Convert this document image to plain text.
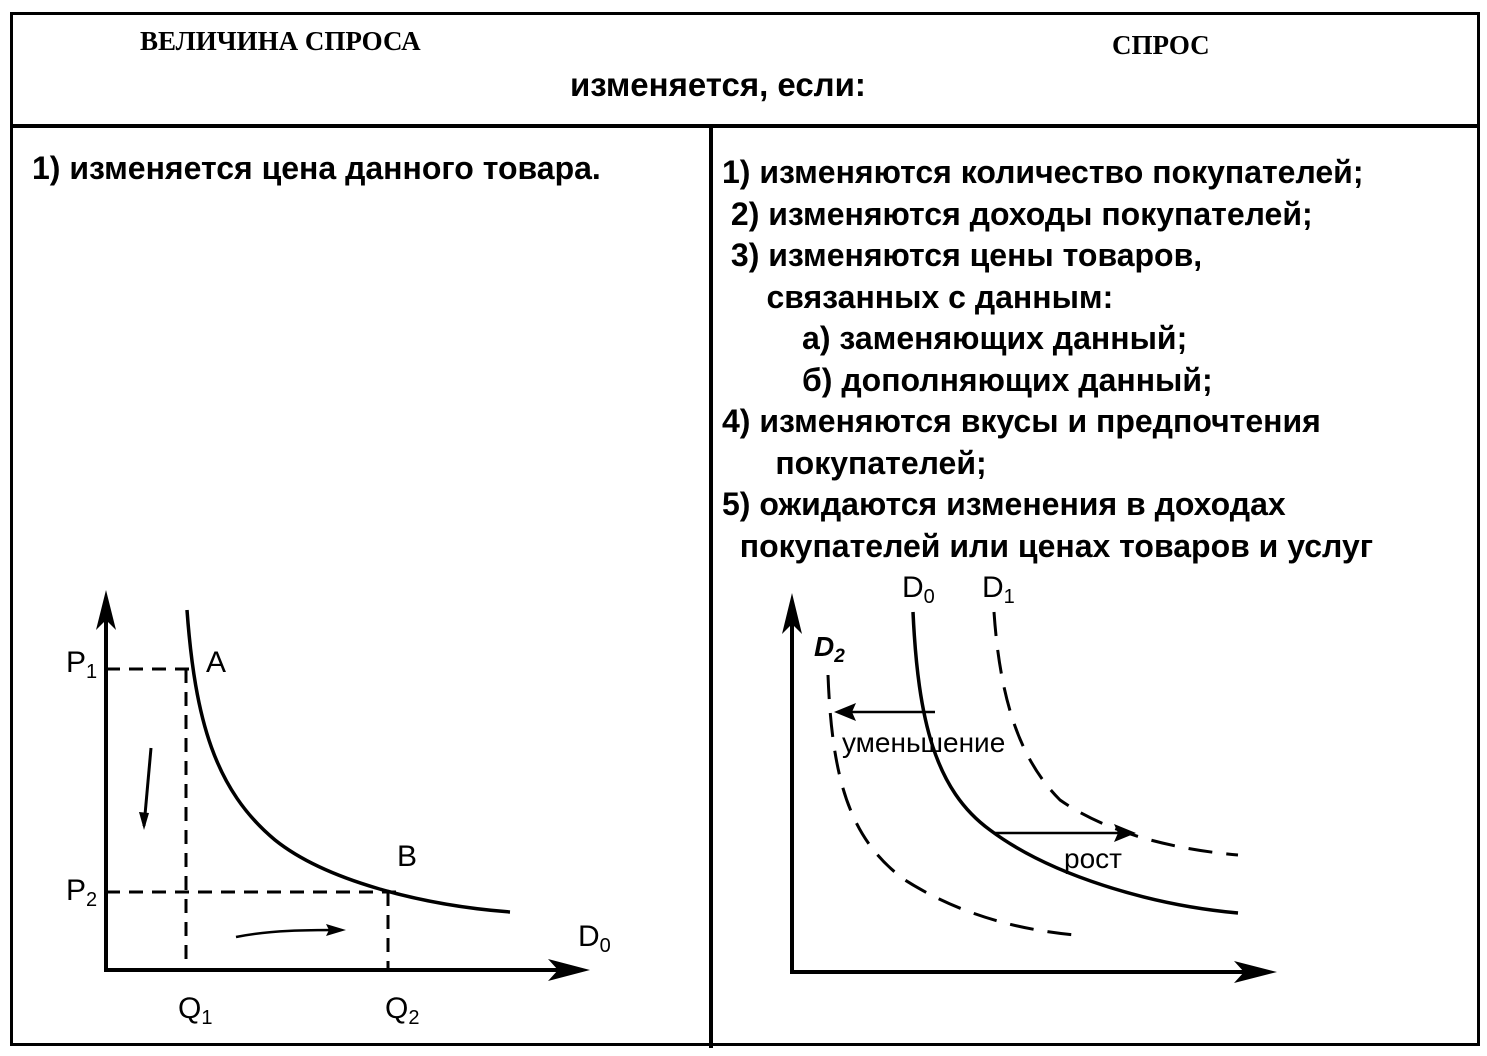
ВЕЛИЧИНА СПРОСА	СПРОС
изменяется, если:
1) изменяется цена данного товара.	1) изменяются количество покупателей;
2) изменяются доходы покупателей;
3) изменяются цены товаров,
связанных с данным:
а) заменяющих данный;
б) дополняющих данный;
4) изменяются вкусы и предпочтения
покупателей;
5) ожидаются изменения в доходах
покупателей или ценах товаров и услуг
$P_1$
$P_2$
$Q_1$	$Q_2$
A
B
$D_0$
$D_0$ $D_1$
$D_2$
уменьшение
рост
